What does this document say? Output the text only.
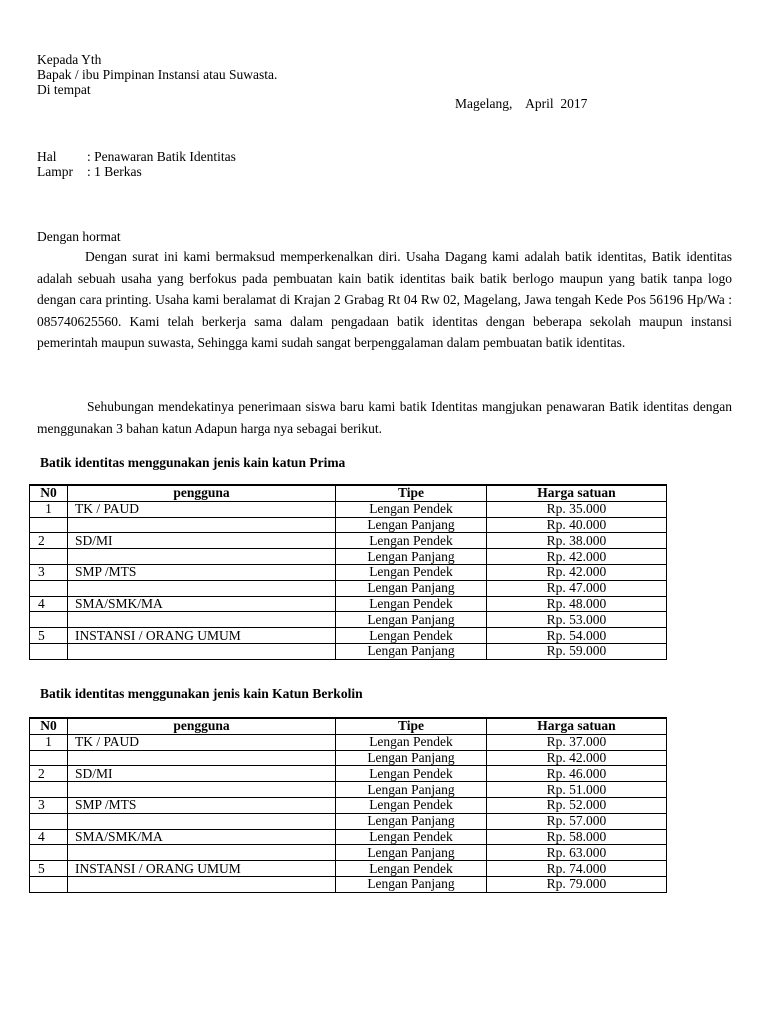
Kepada Yth
Bapak / ibu Pimpinan Instansi atau Suwasta.
Di tempat
Magelang,    April  2017
Hal : Penawaran Batik Identitas
Lampr : 1 Berkas
Dengan hormat
Dengan surat ini kami bermaksud memperkenalkan diri. Usaha Dagang kami adalah batik identitas, Batik identitas adalah sebuah usaha yang berfokus pada pembuatan kain batik identitas baik batik berlogo maupun yang batik tanpa logo dengan cara printing. Usaha kami beralamat di Krajan 2 Grabag Rt 04 Rw 02, Magelang, Jawa tengah Kede Pos 56196 Hp/Wa : 085740625560. Kami telah berkerja sama dalam pengadaan batik identitas dengan beberapa sekolah maupun instansi pemerintah maupun suwasta, Sehingga kami sudah sangat berpenggalaman dalam pembuatan batik identitas.
Sehubungan mendekatinya penerimaan siswa baru kami batik Identitas mangjukan penawaran Batik identitas dengan menggunakan 3 bahan katun Adapun harga nya sebagai berikut.
Batik identitas menggunakan jenis kain katun Prima
N0	pengguna	Tipe	Harga satuan
1	TK / PAUD	Lengan Pendek	Rp. 35.000
		Lengan Panjang	Rp. 40.000
2	SD/MI	Lengan Pendek	Rp. 38.000
		Lengan Panjang	Rp. 42.000
3	SMP /MTS	Lengan Pendek	Rp. 42.000
		Lengan Panjang	Rp. 47.000
4	SMA/SMK/MA	Lengan Pendek	Rp. 48.000
		Lengan Panjang	Rp. 53.000
5	INSTANSI / ORANG UMUM	Lengan Pendek	Rp. 54.000
		Lengan Panjang	Rp. 59.000
Batik identitas menggunakan jenis kain Katun Berkolin
N0	pengguna	Tipe	Harga satuan
1	TK / PAUD	Lengan Pendek	Rp. 37.000
		Lengan Panjang	Rp. 42.000
2	SD/MI	Lengan Pendek	Rp. 46.000
		Lengan Panjang	Rp. 51.000
3	SMP /MTS	Lengan Pendek	Rp. 52.000
		Lengan Panjang	Rp. 57.000
4	SMA/SMK/MA	Lengan Pendek	Rp. 58.000
		Lengan Panjang	Rp. 63.000
5	INSTANSI / ORANG UMUM	Lengan Pendek	Rp. 74.000
		Lengan Panjang	Rp. 79.000
